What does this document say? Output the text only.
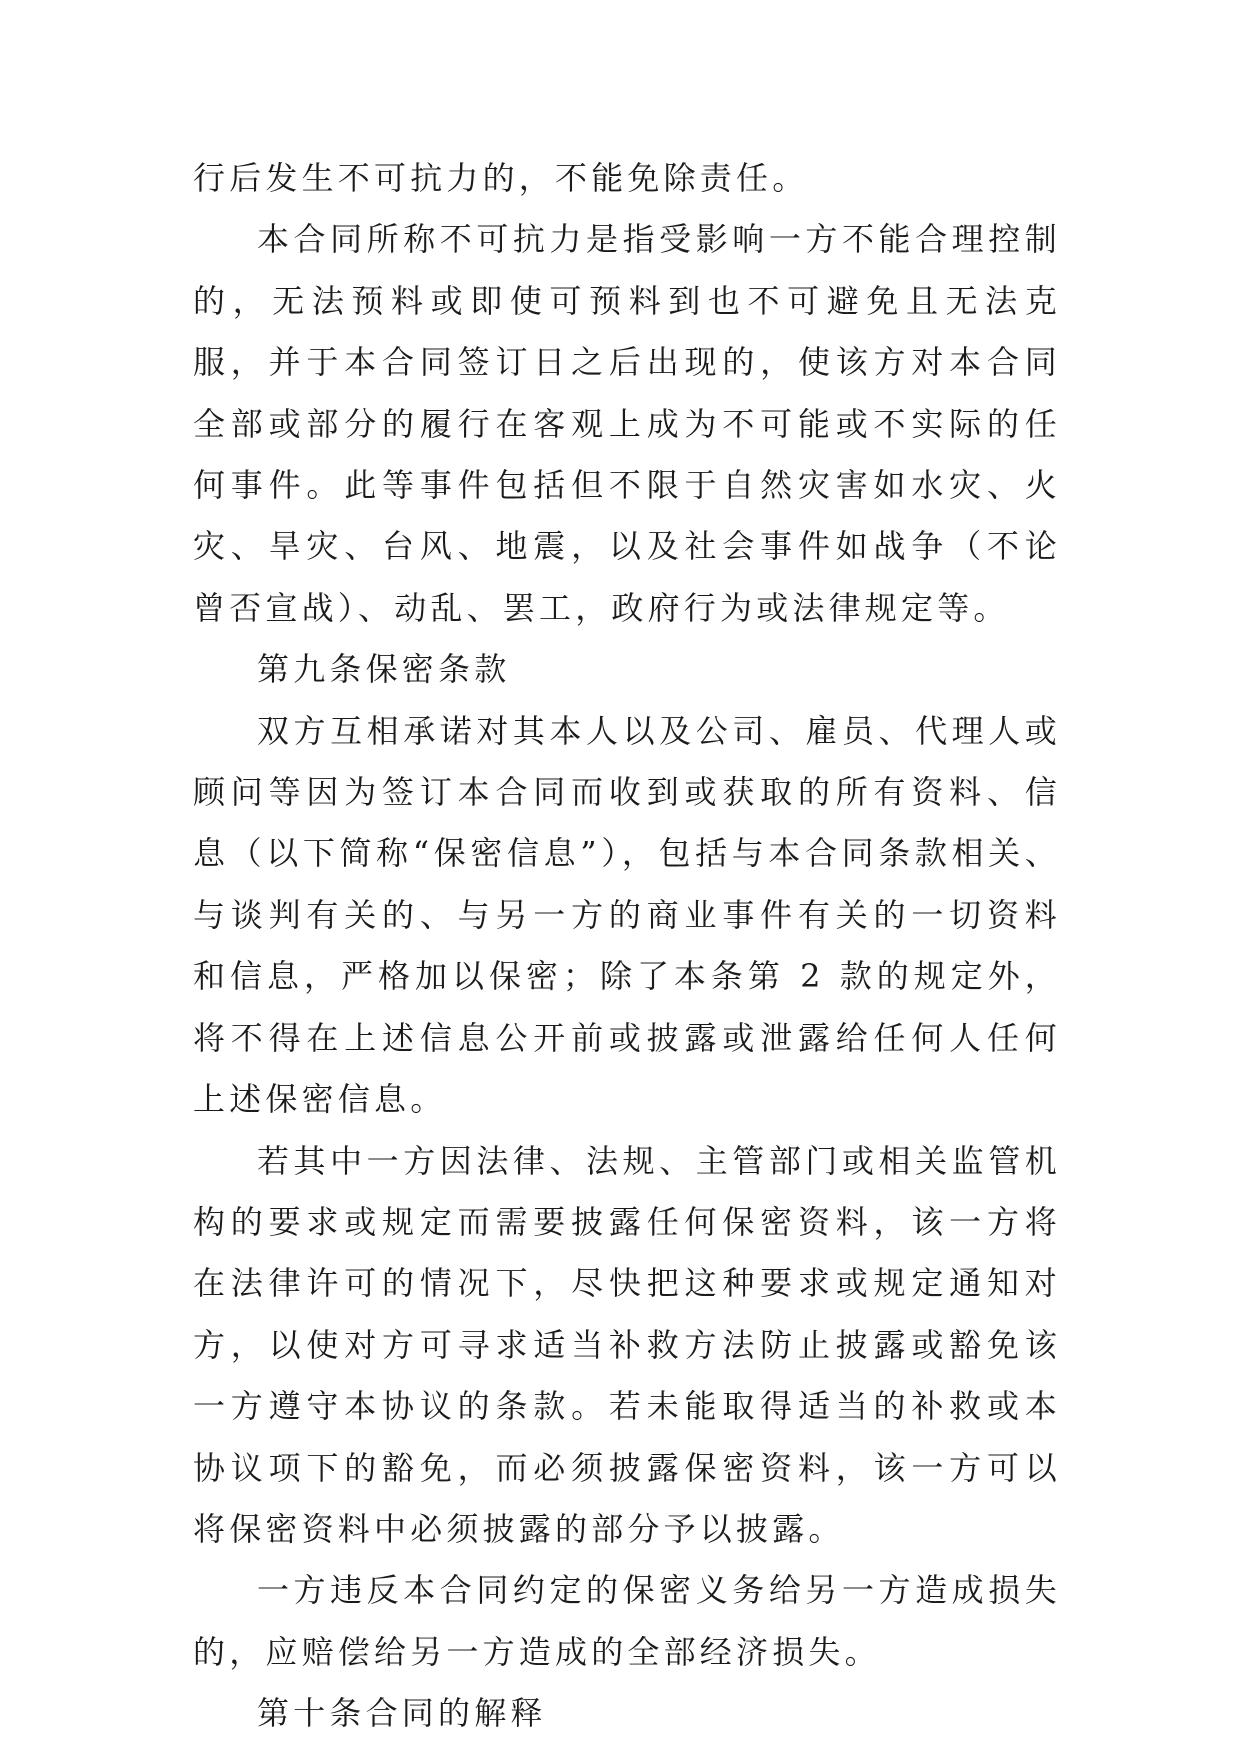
行后发生不可抗力的，不能免除责任。

本合同所称不可抗力是指受影响一方不能合理控制的，无法预料或即使可预料到也不可避免且无法克服，并于本合同签订日之后出现的，使该方对本合同全部或部分的履行在客观上成为不可能或不实际的任何事件。此等事件包括但不限于自然灾害如水灾、火灾、旱灾、台风、地震，以及社会事件如战争（不论曾否宣战）、动乱、罢工，政府行为或法律规定等。

第九条保密条款

双方互相承诺对其本人以及公司、雇员、代理人或顾问等因为签订本合同而收到或获取的所有资料、信息（以下简称“保密信息”），包括与本合同条款相关、与谈判有关的、与另一方的商业事件有关的一切资料和信息，严格加以保密；除了本条第 2 款的规定外，将不得在上述信息公开前或披露或泄露给任何人任何上述保密信息。

若其中一方因法律、法规、主管部门或相关监管机构的要求或规定而需要披露任何保密资料，该一方将在法律许可的情况下，尽快把这种要求或规定通知对方，以使对方可寻求适当补救方法防止披露或豁免该一方遵守本协议的条款。若未能取得适当的补救或本协议项下的豁免，而必须披露保密资料，该一方可以将保密资料中必须披露的部分予以披露。

一方违反本合同约定的保密义务给另一方造成损失的，应赔偿给另一方造成的全部经济损失。

第十条合同的解释
